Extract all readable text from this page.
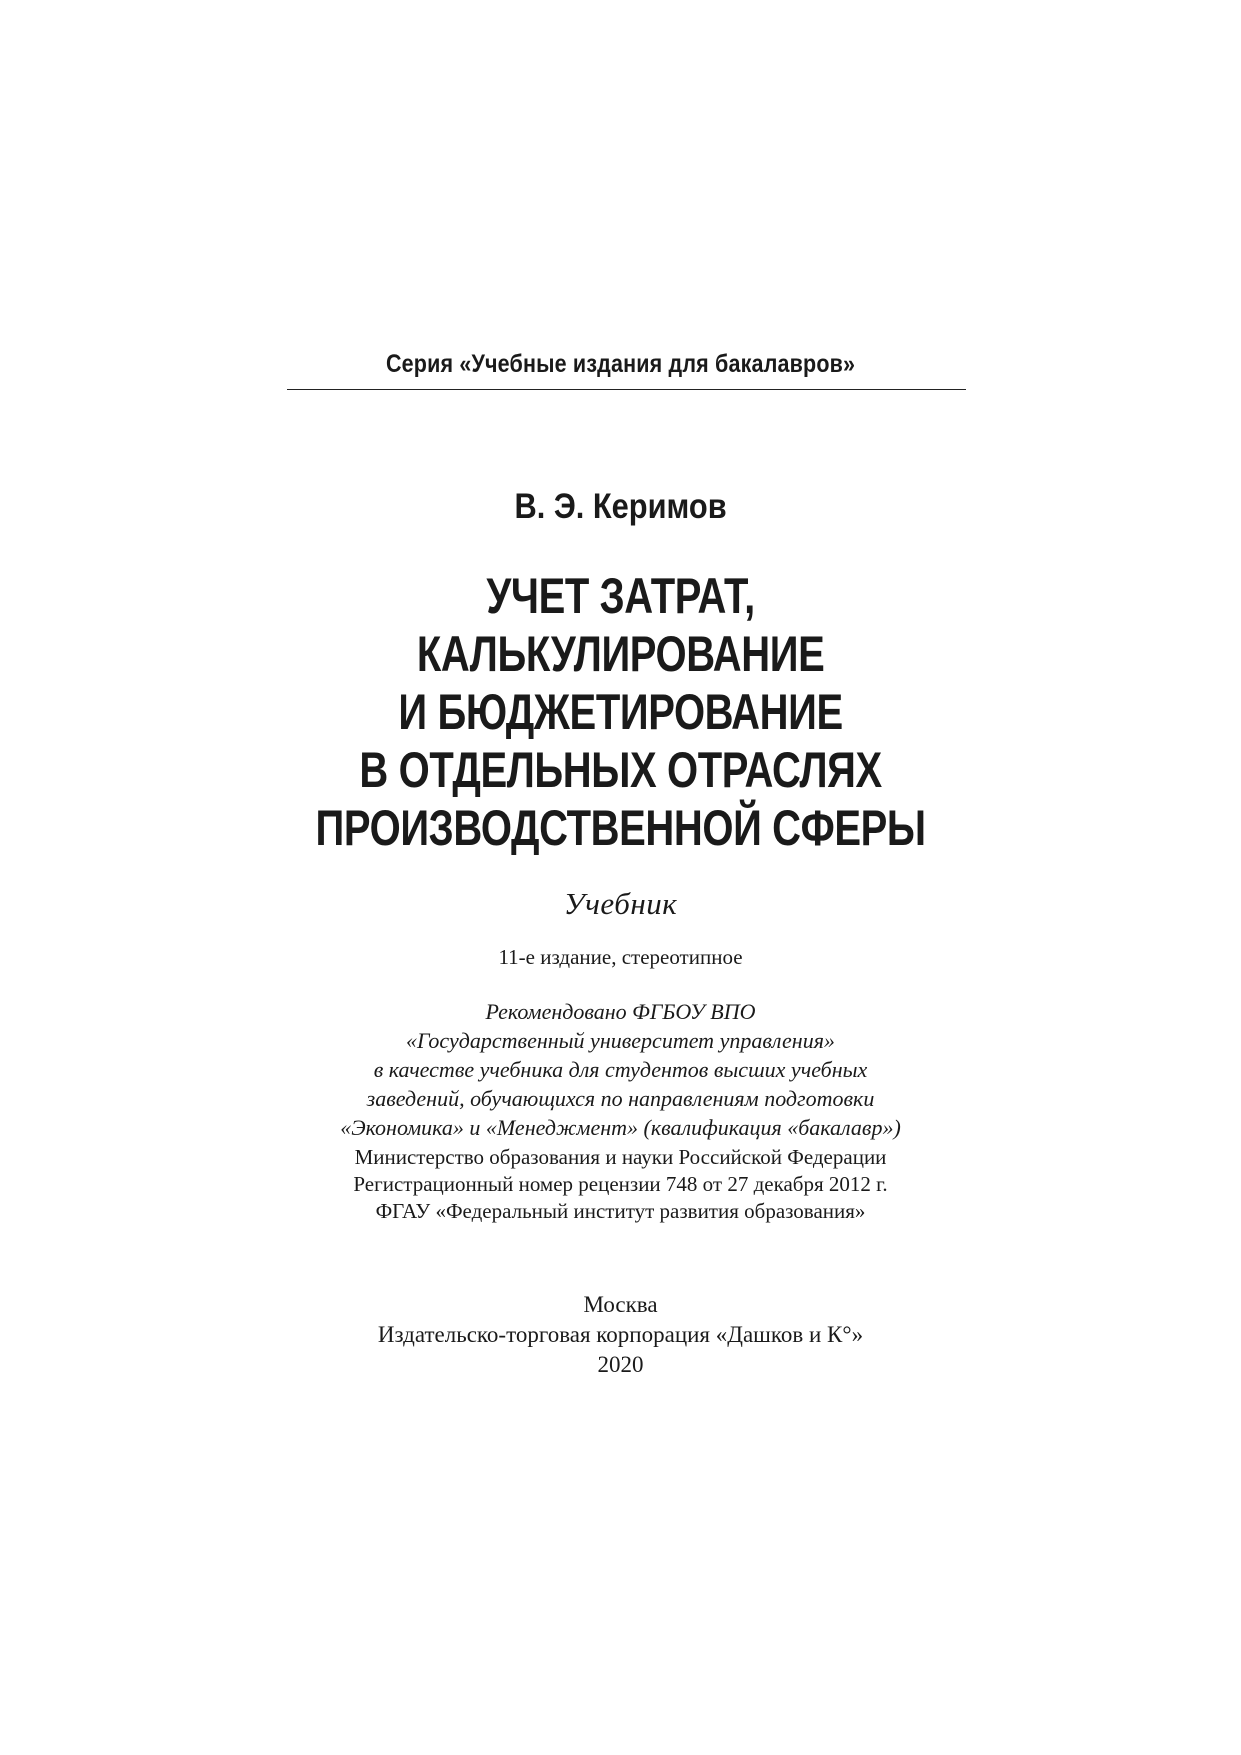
Серия «Учебные издания для бакалавров»
В. Э. Керимов
УЧЕТ ЗАТРАТ,
КАЛЬКУЛИРОВАНИЕ
И БЮДЖЕТИРОВАНИЕ
В ОТДЕЛЬНЫХ ОТРАСЛЯХ
ПРОИЗВОДСТВЕННОЙ СФЕРЫ
Учебник
11-е издание, стереотипное
Рекомендовано ФГБОУ ВПО
«Государственный университет управления»
в качестве учебника для студентов высших учебных
заведений, обучающихся по направлениям подготовки
«Экономика» и «Менеджмент» (квалификация «бакалавр»)
Министерство образования и науки Российской Федерации
Регистрационный номер рецензии 748 от 27 декабря 2012 г.
ФГАУ «Федеральный институт развития образования»
Москва
Издательско-торговая корпорация «Дашков и К°»
2020
